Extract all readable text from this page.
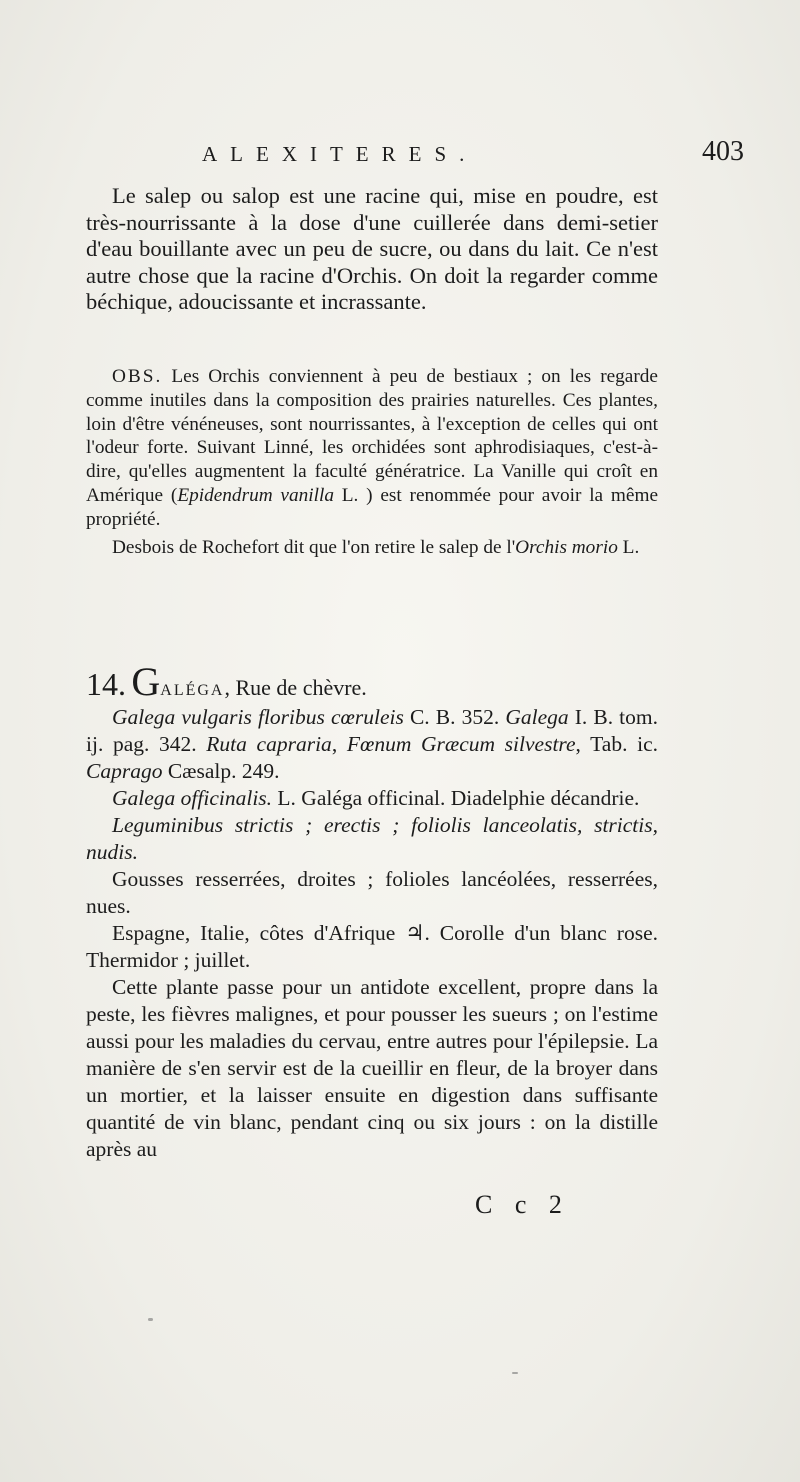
ALEXITERES.	403

Le salep ou salop est une racine qui, mise en poudre, est très-nourrissante à la dose d'une cuillerée dans demi-setier d'eau bouillante avec un peu de sucre, ou dans du lait. Ce n'est autre chose que la racine d'Orchis. On doit la regarder comme béchique, adoucissante et incrassante.

OBS. Les Orchis conviennent à peu de bestiaux ; on les regarde comme inutiles dans la composition des prairies naturelles. Ces plantes, loin d'être vénéneuses, sont nourrissantes, à l'exception de celles qui ont l'odeur forte. Suivant Linné, les orchidées sont aphrodisiaques, c'est-à-dire, qu'elles augmentent la faculté génératrice. La Vanille qui croît en Amérique (Epidendrum vanilla L. ) est renommée pour avoir la même propriété.

Desbois de Rochefort dit que l'on retire le salep de l'Orchis morio L.

14. GALÉGA, Rue de chèvre.

Galega vulgaris floribus cœruleis C. B. 352. Galega I. B. tom. ij. pag. 342. Ruta capraria, Fœnum Græcum silvestre, Tab. ic. Caprago Cæsalp. 249.

Galega officinalis. L. Galéga officinal. Diadelphie décandrie.

Leguminibus strictis ; erectis ; foliolis lanceolatis, strictis, nudis.

Gousses resserrées, droites ; folioles lancéolées, resserrées, nues.

Espagne, Italie, côtes d'Afrique ♃. Corolle d'un blanc rose. Thermidor ; juillet.

Cette plante passe pour un antidote excellent, propre dans la peste, les fièvres malignes, et pour pousser les sueurs ; on l'estime aussi pour les maladies du cervau, entre autres pour l'épilepsie. La manière de s'en servir est de la cueillir en fleur, de la broyer dans un mortier, et la laisser ensuite en digestion dans suffisante quantité de vin blanc, pendant cinq ou six jours : on la distille après au

C c 2
